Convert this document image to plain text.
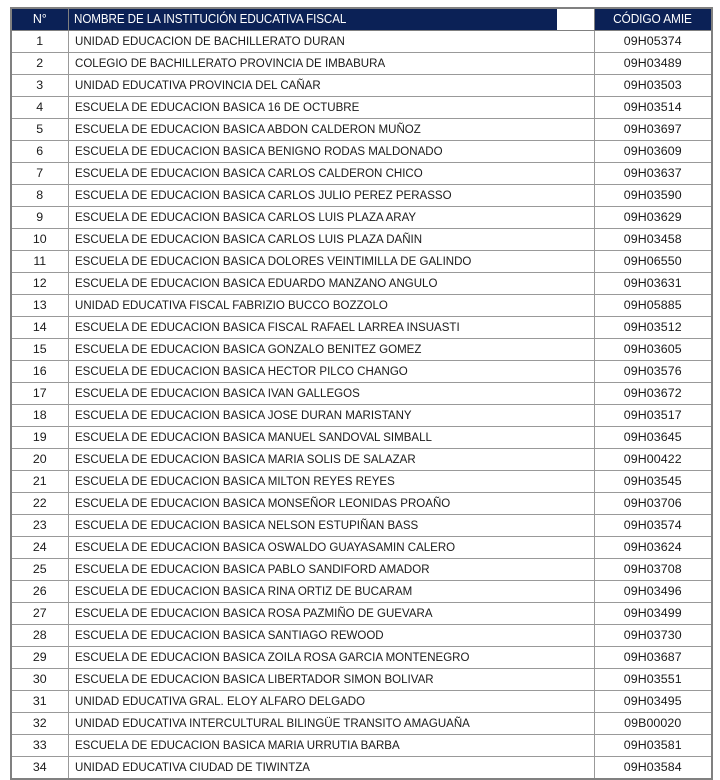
N°	NOMBRE DE LA INSTITUCIÓN EDUCATIVA FISCAL	CÓDIGO AMIE
1	UNIDAD EDUCACION DE BACHILLERATO DURAN	09H05374
2	COLEGIO DE BACHILLERATO PROVINCIA DE IMBABURA	09H03489
3	UNIDAD EDUCATIVA PROVINCIA DEL CAÑAR	09H03503
4	ESCUELA DE EDUCACION BASICA 16 DE OCTUBRE	09H03514
5	ESCUELA DE EDUCACION BASICA ABDON CALDERON MUÑOZ	09H03697
6	ESCUELA DE EDUCACION BASICA BENIGNO RODAS MALDONADO	09H03609
7	ESCUELA DE EDUCACION BASICA CARLOS CALDERON CHICO	09H03637
8	ESCUELA DE EDUCACION BASICA CARLOS JULIO PEREZ PERASSO	09H03590
9	ESCUELA DE EDUCACION BASICA CARLOS LUIS PLAZA ARAY	09H03629
10	ESCUELA DE EDUCACION BASICA CARLOS LUIS PLAZA DAÑIN	09H03458
11	ESCUELA DE EDUCACION BASICA DOLORES VEINTIMILLA DE GALINDO	09H06550
12	ESCUELA DE EDUCACION BASICA EDUARDO MANZANO ANGULO	09H03631
13	UNIDAD EDUCATIVA FISCAL FABRIZIO BUCCO BOZZOLO	09H05885
14	ESCUELA DE EDUCACION BASICA FISCAL RAFAEL LARREA INSUASTI	09H03512
15	ESCUELA DE EDUCACION BASICA GONZALO BENITEZ GOMEZ	09H03605
16	ESCUELA DE EDUCACION BASICA HECTOR PILCO CHANGO	09H03576
17	ESCUELA DE EDUCACION BASICA IVAN GALLEGOS	09H03672
18	ESCUELA DE EDUCACION BASICA JOSE DURAN MARISTANY	09H03517
19	ESCUELA DE EDUCACION BASICA MANUEL SANDOVAL SIMBALL	09H03645
20	ESCUELA DE EDUCACION BASICA MARIA SOLIS DE SALAZAR	09H00422
21	ESCUELA DE EDUCACION BASICA MILTON REYES REYES	09H03545
22	ESCUELA DE EDUCACION BASICA MONSEÑOR LEONIDAS PROAÑO	09H03706
23	ESCUELA DE EDUCACION BASICA NELSON ESTUPIÑAN BASS	09H03574
24	ESCUELA DE EDUCACION BASICA OSWALDO GUAYASAMIN CALERO	09H03624
25	ESCUELA DE EDUCACION BASICA PABLO SANDIFORD AMADOR	09H03708
26	ESCUELA DE EDUCACION BASICA RINA ORTIZ DE BUCARAM	09H03496
27	ESCUELA DE EDUCACION BASICA ROSA PAZMIÑO DE GUEVARA	09H03499
28	ESCUELA DE EDUCACION BASICA SANTIAGO REWOOD	09H03730
29	ESCUELA DE EDUCACION BASICA ZOILA ROSA GARCIA MONTENEGRO	09H03687
30	ESCUELA DE EDUCACION BASICA LIBERTADOR SIMON BOLIVAR	09H03551
31	UNIDAD EDUCATIVA GRAL. ELOY ALFARO DELGADO	09H03495
32	UNIDAD EDUCATIVA INTERCULTURAL BILINGÜE TRANSITO AMAGUAÑA	09B00020
33	ESCUELA DE EDUCACION BASICA MARIA URRUTIA BARBA	09H03581
34	UNIDAD EDUCATIVA CIUDAD DE TIWINTZA	09H03584
